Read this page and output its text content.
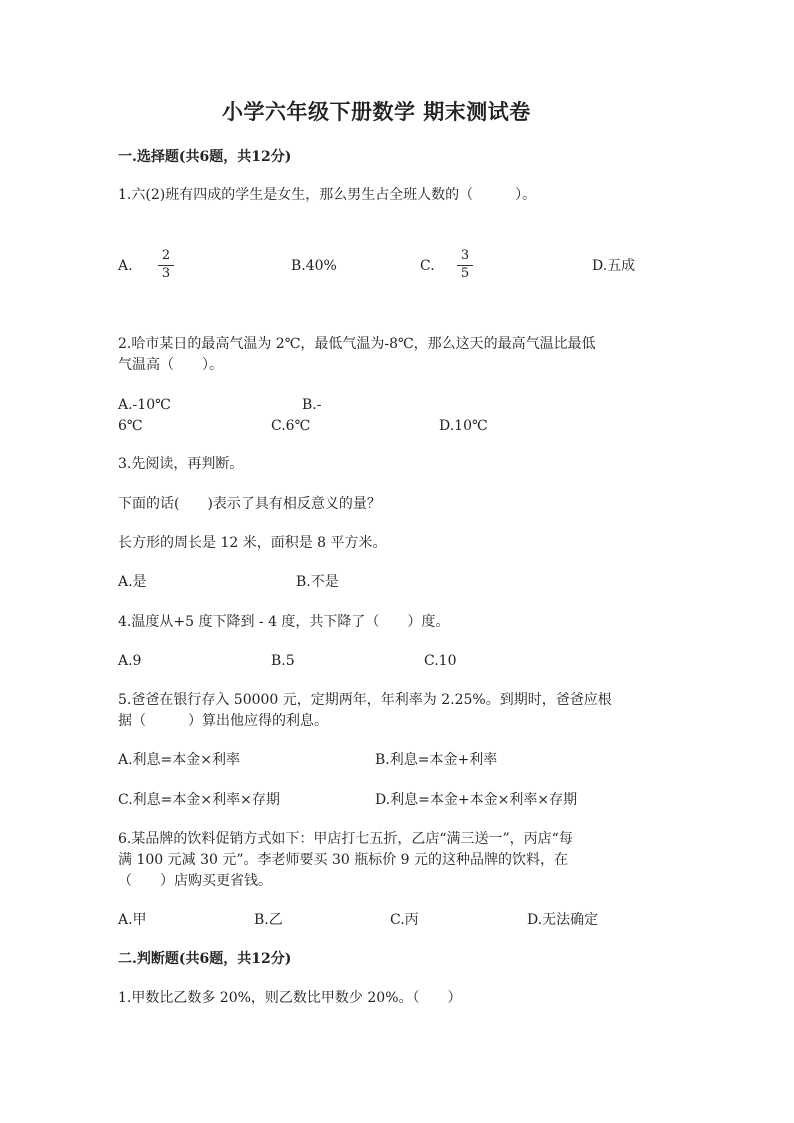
小学六年级下册数学 期末测试卷
一.选择题(共6题，共12分)
1.六(2)班有四成的学生是女生，那么男生占全班人数的（　　　）。
A.
2
3	B.40%	C.
3
5	D.五成
2.哈市某日的最高气温为 2℃，最低气温为-8℃，那么这天的最高气温比最低
气温高（　　）。
A.-10℃	B.-
6℃	C.6℃	D.10℃
3.先阅读，再判断。
下面的话(　　)表示了具有相反意义的量？
长方形的周长是 12 米，面积是 8 平方米。
A.是	B.不是
4.温度从+5 度下降到 - 4 度，共下降了（　　）度。
A.9	B.5	C.10
5.爸爸在银行存入 50000 元，定期两年，年利率为 2.25%。到期时，爸爸应根
据（　　　）算出他应得的利息。
A.利息=本金×利率	B.利息=本金+利率
C.利息=本金×利率×存期	D.利息=本金+本金×利率×存期
6.某品牌的饮料促销方式如下：甲店打七五折，乙店“满三送一”，丙店“每
满 100 元减 30 元”。李老师要买 30 瓶标价 9 元的这种品牌的饮料，在
（　　）店购买更省钱。
A.甲	B.乙	C.丙	D.无法确定
二.判断题(共6题，共12分)
1.甲数比乙数多 20%，则乙数比甲数少 20%。（　　）
